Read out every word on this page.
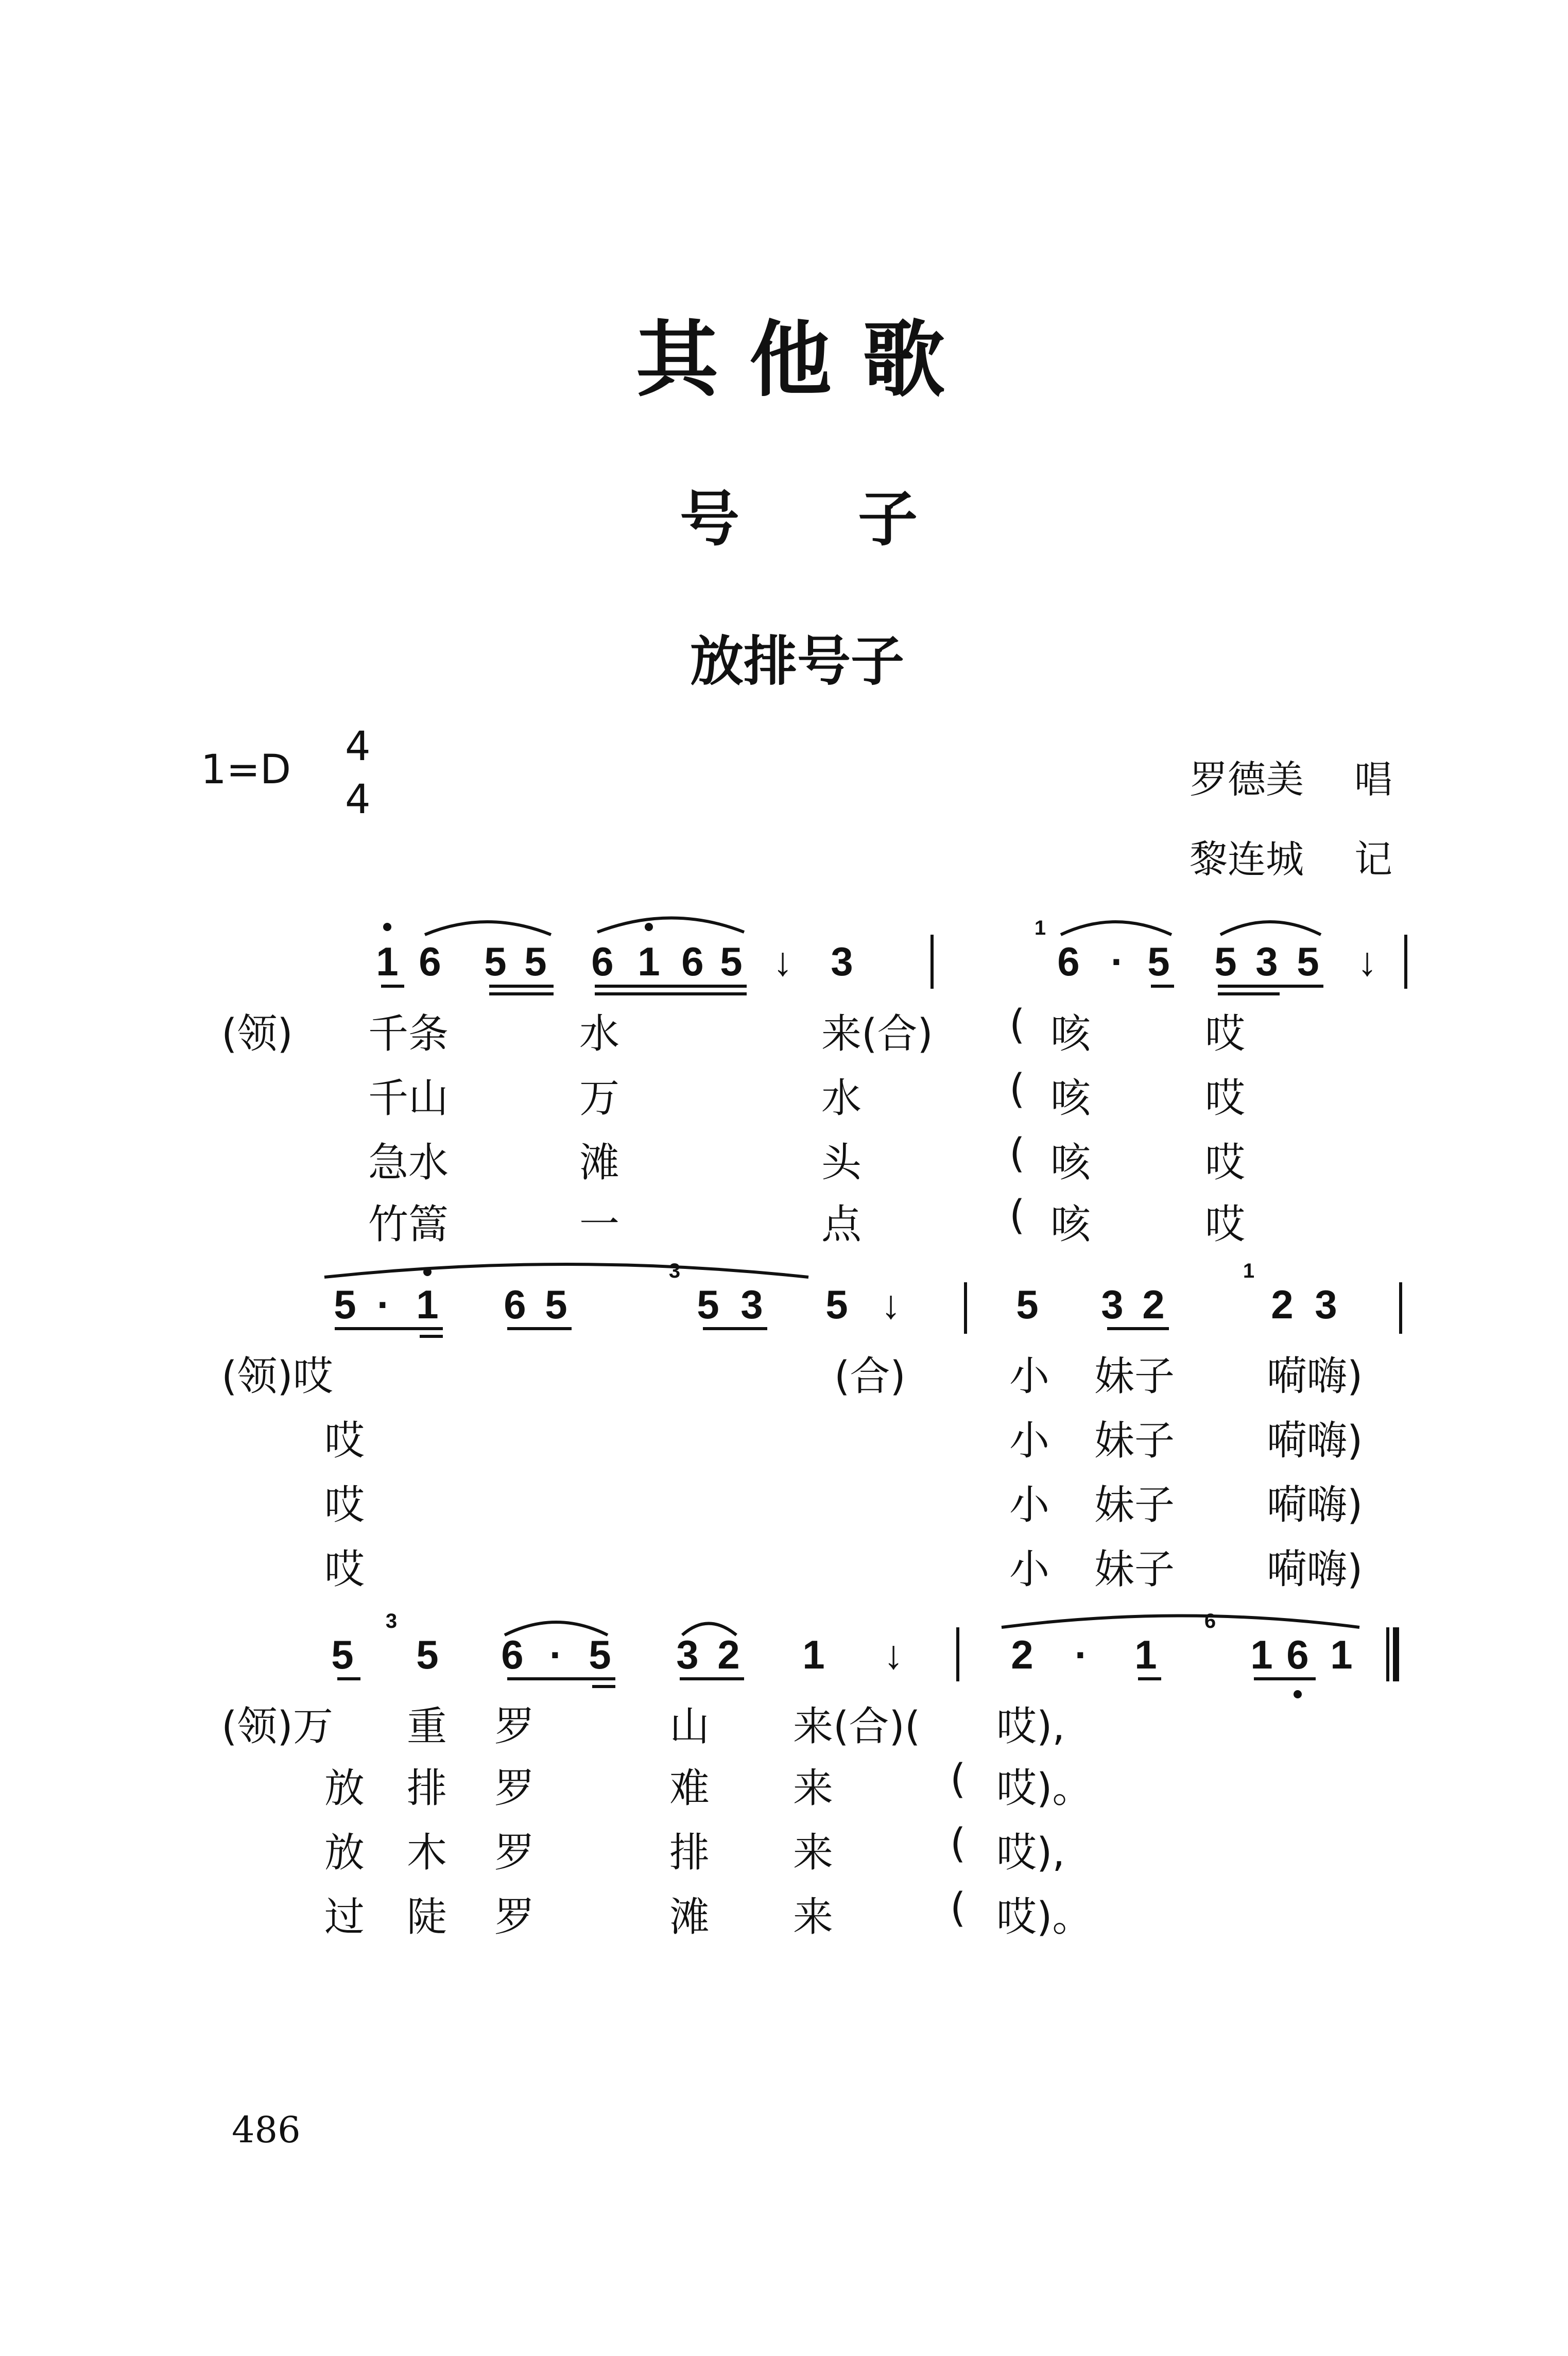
其他歌
号子
放排号子
1=D 4
4	罗德美 唱
黎连城 记
1 6 5 5 6 1 6 5 ↓ 3	6 · 5 5 3 5 ↓
1
(领) 千条	水	来(合) ( 咳	哎
千山	万	水	( 咳	哎
急水	滩	头	( 咳	哎
竹篙	一	点	( 咳	哎
5 · 1 6 5	5 3 5 ↓	5 3 2	2 3
3	1
(领)哎	(合)	小 妹子 嗬嗨)
哎	小 妹子 嗬嗨)
哎	小 妹子 嗬嗨)
哎	小 妹子 嗬嗨)
5 5 6 · 5 3 2 1 ↓	2 · 1 1 6 1
3	6
(领)万 重 罗	山 来(合)( 哎),
放 排 罗	难 来	( 哎)。
放 木 罗	排 来	( 哎),
过 陡 罗	滩 来	( 哎)。
486
